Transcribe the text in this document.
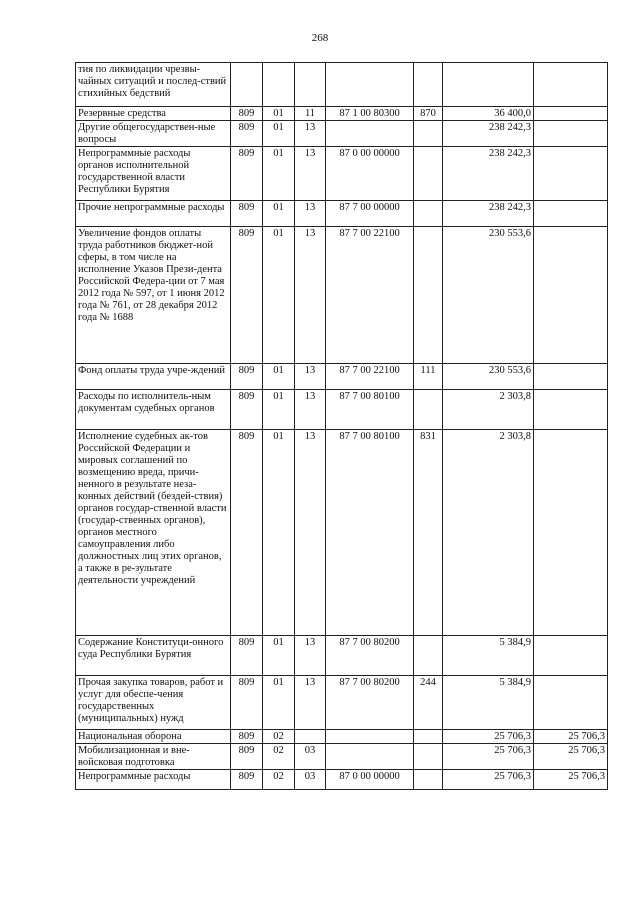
268
тия по ликвидации чрезвы-чайных ситуаций и послед-ствий стихийных бедствий							
Резервные средства	809	01	11	87 1 00 80300	870	36 400,0	
Другие общегосударствен-ные вопросы	809	01	13			238 242,3	
Непрограммные расходы органов исполнительной государственной власти Республики Бурятия	809	01	13	87 0 00 00000		238 242,3	
Прочие непрограммные расходы	809	01	13	87 7 00 00000		238 242,3	
Увеличение фондов оплаты труда работников бюджет-ной сферы, в том числе на исполнение Указов Прези-дента Российской Федера-ции от 7 мая 2012 года № 597, от 1 июня 2012 года № 761, от 28 декабря 2012 года № 1688	809	01	13	87 7 00 22100		230 553,6	
Фонд оплаты труда учре-ждений	809	01	13	87 7 00 22100	111	230 553,6	
Расходы по исполнитель-ным документам судебных органов	809	01	13	87 7 00 80100		2 303,8	
Исполнение судебных ак-тов Российской Федерации и мировых соглашений по возмещению вреда, причи-ненного в результате неза-конных действий (бездей-ствия) органов государ-ственной власти (государ-ственных органов), органов местного самоуправления либо должностных лиц этих органов, а также в ре-зультате деятельности учреждений	809	01	13	87 7 00 80100	831	2 303,8	
Содержание Конституци-онного суда Республики Бурятия	809	01	13	87 7 00 80200		5 384,9	
Прочая закупка товаров, работ и услуг для обеспе-чения государственных (муниципальных) нужд	809	01	13	87 7 00 80200	244	5 384,9	
Национальная оборона	809	02				25 706,3	25 706,3
Мобилизационная и вне-войсковая подготовка	809	02	03			25 706,3	25 706,3
Непрограммные расходы	809	02	03	87 0 00 00000		25 706,3	25 706,3
